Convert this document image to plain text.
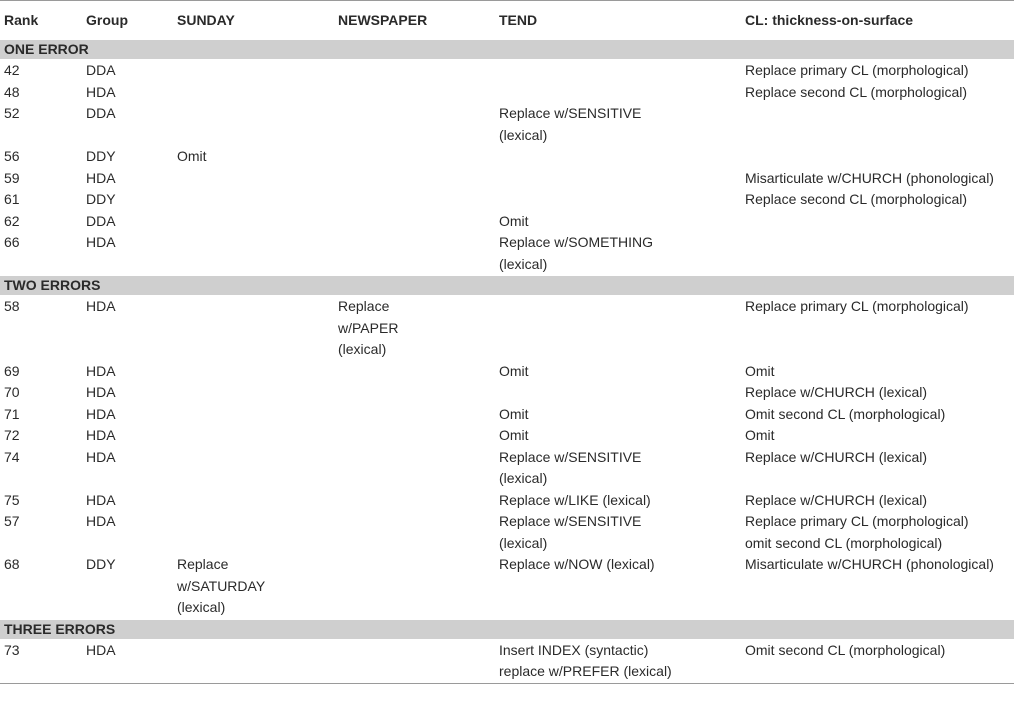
Rank	Group	SUNDAY	NEWSPAPER	TEND	CL: thickness-on-surface
ONE ERROR					
42	DDA				Replace primary CL (morphological)

48	HDA				Replace second CL (morphological)

52	DDA			Replace w/SENSITIVE
(lexical)	

56	DDY	Omit			

59	HDA				Misarticulate w/CHURCH (phonological)

61	DDY				Replace second CL (morphological)

62	DDA			Omit	

66	HDA			Replace w/SOMETHING
(lexical)	

TWO ERRORS					
58	HDA		Replace
w/PAPER
(lexical)		Replace primary CL (morphological)

69	HDA			Omit	Omit

70	HDA				Replace w/CHURCH (lexical)

71	HDA			Omit	Omit second CL (morphological)

72	HDA			Omit	Omit

74	HDA			Replace w/SENSITIVE
(lexical)	Replace w/CHURCH (lexical)

75	HDA			Replace w/LIKE (lexical)	Replace w/CHURCH (lexical)

57	HDA			Replace w/SENSITIVE
(lexical)	Replace primary CL (morphological)
omit second CL (morphological)

68	DDY	Replace
w/SATURDAY
(lexical)		Replace w/NOW (lexical)	Misarticulate w/CHURCH (phonological)

THREE ERRORS					
73	HDA			Insert INDEX (syntactic)
replace w/PREFER (lexical)	Omit second CL (morphological)
